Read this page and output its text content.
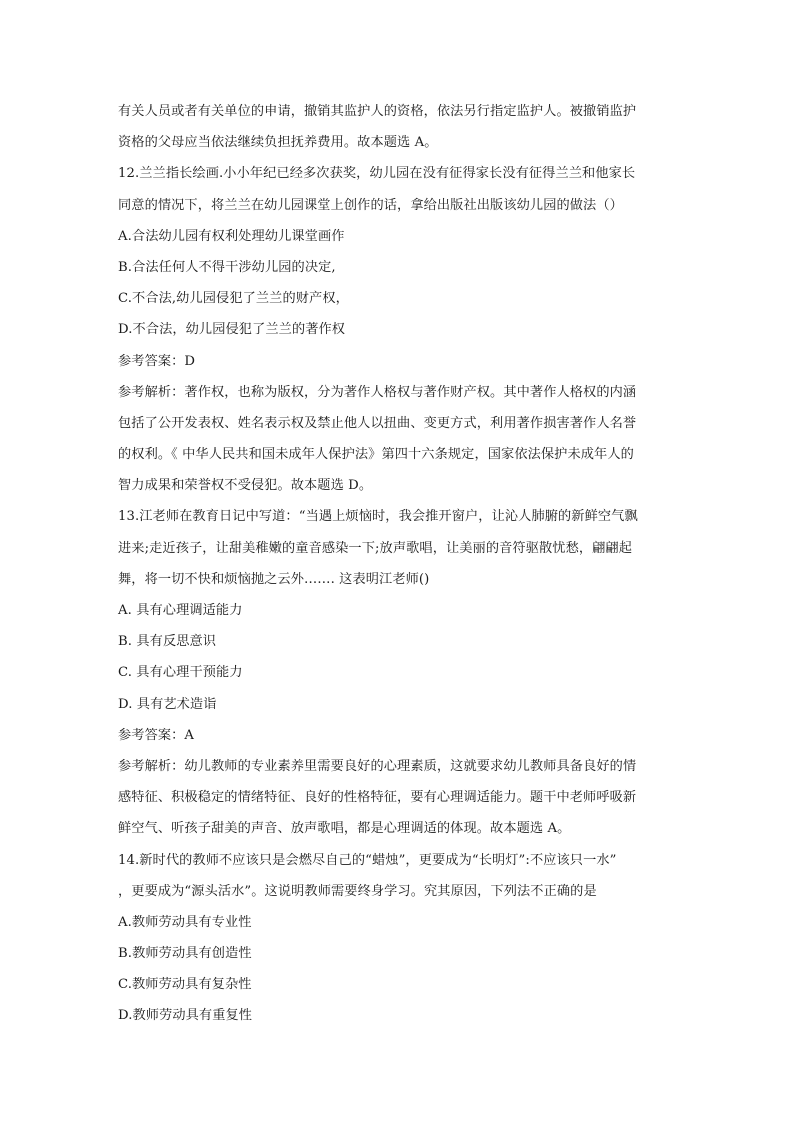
有关人员或者有关单位的申请，撤销其监护人的资格，依法另行指定监护人。被撤销监护
资格的父母应当依法继续负担抚养费用。故本题选 A。
12.兰兰指长绘画.小小年纪已经多次获奖，幼儿园在没有征得家长没有征得兰兰和他家长
同意的情况下，将兰兰在幼儿园课堂上创作的话，拿给出版社出版该幼儿园的做法（）
A.合法幼儿园有权利处理幼儿课堂画作
B.合法任何人不得干涉幼儿园的决定,
C.不合法,幼儿园侵犯了兰兰的财产权，
D.不合法，幼儿园侵犯了兰兰的著作权
参考答案：D
参考解析：著作权，也称为版权，分为著作人格权与著作财产权。其中著作人格权的内涵
包括了公开发表权、姓名表示权及禁止他人以扭曲、变更方式，利用著作损害著作人名誉
的权利。《 中华人民共和国未成年人保护法》第四十六条规定，国家依法保护未成年人的
智力成果和荣誉权不受侵犯。故本题选 D。
13.江老师在教育日记中写道：“当遇上烦恼时，我会推开窗户，让沁人肺腑的新鲜空气飘
进来;走近孩子，让甜美稚嫩的童音感染一下;放声歌唱，让美丽的音符驱散忧愁，翩翩起
舞，将一切不快和烦恼抛之云外……. 这表明江老师()
A. 具有心理调适能力
B. 具有反思意识
C. 具有心理干预能力
D. 具有艺术造诣
参考答案：A
参考解析：幼儿教师的专业素养里需要良好的心理素质，这就要求幼儿教师具备良好的情
感特征、积极稳定的情绪特征、良好的性格特征，要有心理调适能力。题干中老师呼吸新
鲜空气、听孩子甜美的声音、放声歌唱，都是心理调适的体现。故本题选 A。
14.新时代的教师不应该只是会燃尽自己的“蜡烛”，更要成为“长明灯”:不应该只一水”
，更要成为“源头活水”。这说明教师需要终身学习。究其原因，下列法不正确的是
A.教师劳动具有专业性
B.教师劳动具有创造性
C.教师劳动具有复杂性
D.教师劳动具有重复性
